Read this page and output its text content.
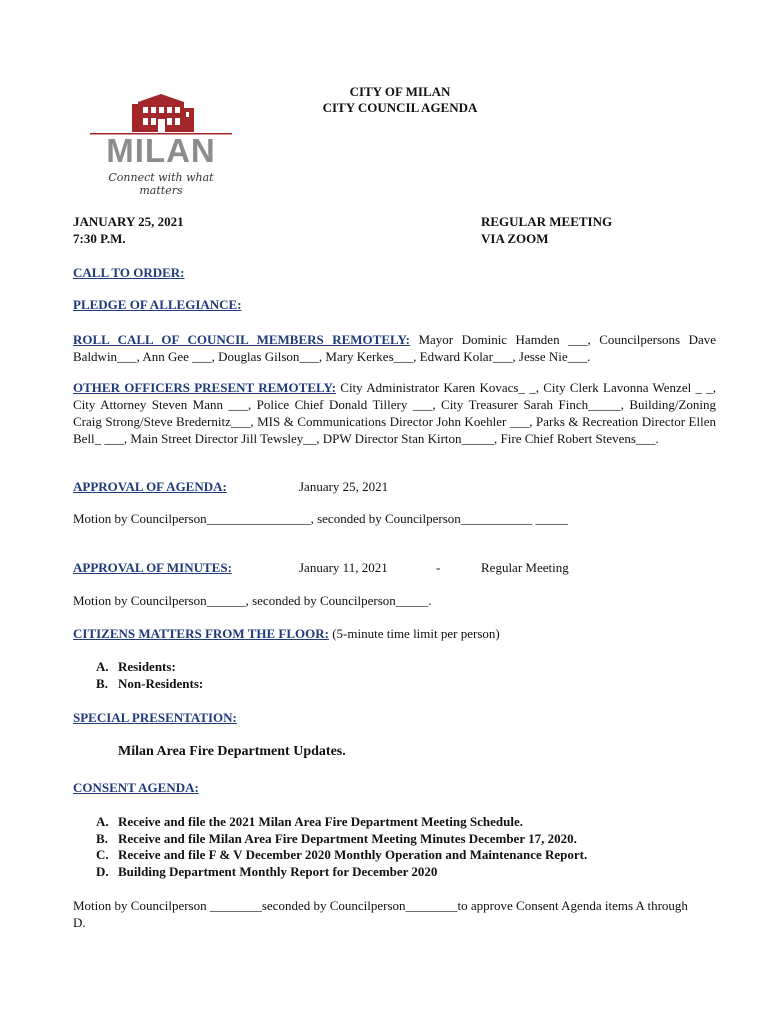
MILAN
Connect with what matters
CITY OF MILAN
CITY COUNCIL AGENDA
JANUARY 25, 2021
7:30 P.M.
REGULAR MEETING
VIA ZOOM
CALL TO ORDER:
PLEDGE OF ALLEGIANCE:
ROLL CALL OF COUNCIL MEMBERS REMOTELY: Mayor Dominic Hamden ___, Councilpersons Dave Baldwin___, Ann Gee ___, Douglas Gilson___, Mary Kerkes___, Edward Kolar___, Jesse Nie___.
OTHER OFFICERS PRESENT REMOTELY: City Administrator Karen Kovacs_ _, City Clerk Lavonna Wenzel _ _, City Attorney Steven Mann ___, Police Chief Donald Tillery ___, City Treasurer Sarah Finch_____, Building/Zoning Craig Strong/Steve Bredernitz___, MIS & Communications Director John Koehler ___, Parks & Recreation Director Ellen Bell_ ___, Main Street Director Jill Tewsley__, DPW Director Stan Kirton_____, Fire Chief Robert Stevens___.
APPROVAL OF AGENDA:	January 25, 2021
Motion by Councilperson________________, seconded by Councilperson___________ _____
APPROVAL OF MINUTES:	January 11, 2021	-	Regular Meeting
Motion by Councilperson______, seconded by Councilperson_____.
CITIZENS MATTERS FROM THE FLOOR: (5-minute time limit per person)
A. Residents:
B. Non-Residents:
SPECIAL PRESENTATION:
Milan Area Fire Department Updates.
CONSENT AGENDA:
A. Receive and file the 2021 Milan Area Fire Department Meeting Schedule.
B. Receive and file Milan Area Fire Department Meeting Minutes December 17, 2020.
C. Receive and file F & V December 2020 Monthly Operation and Maintenance Report.
D. Building Department Monthly Report for December 2020
Motion by Councilperson ________seconded by Councilperson________to approve Consent Agenda items A through D.
